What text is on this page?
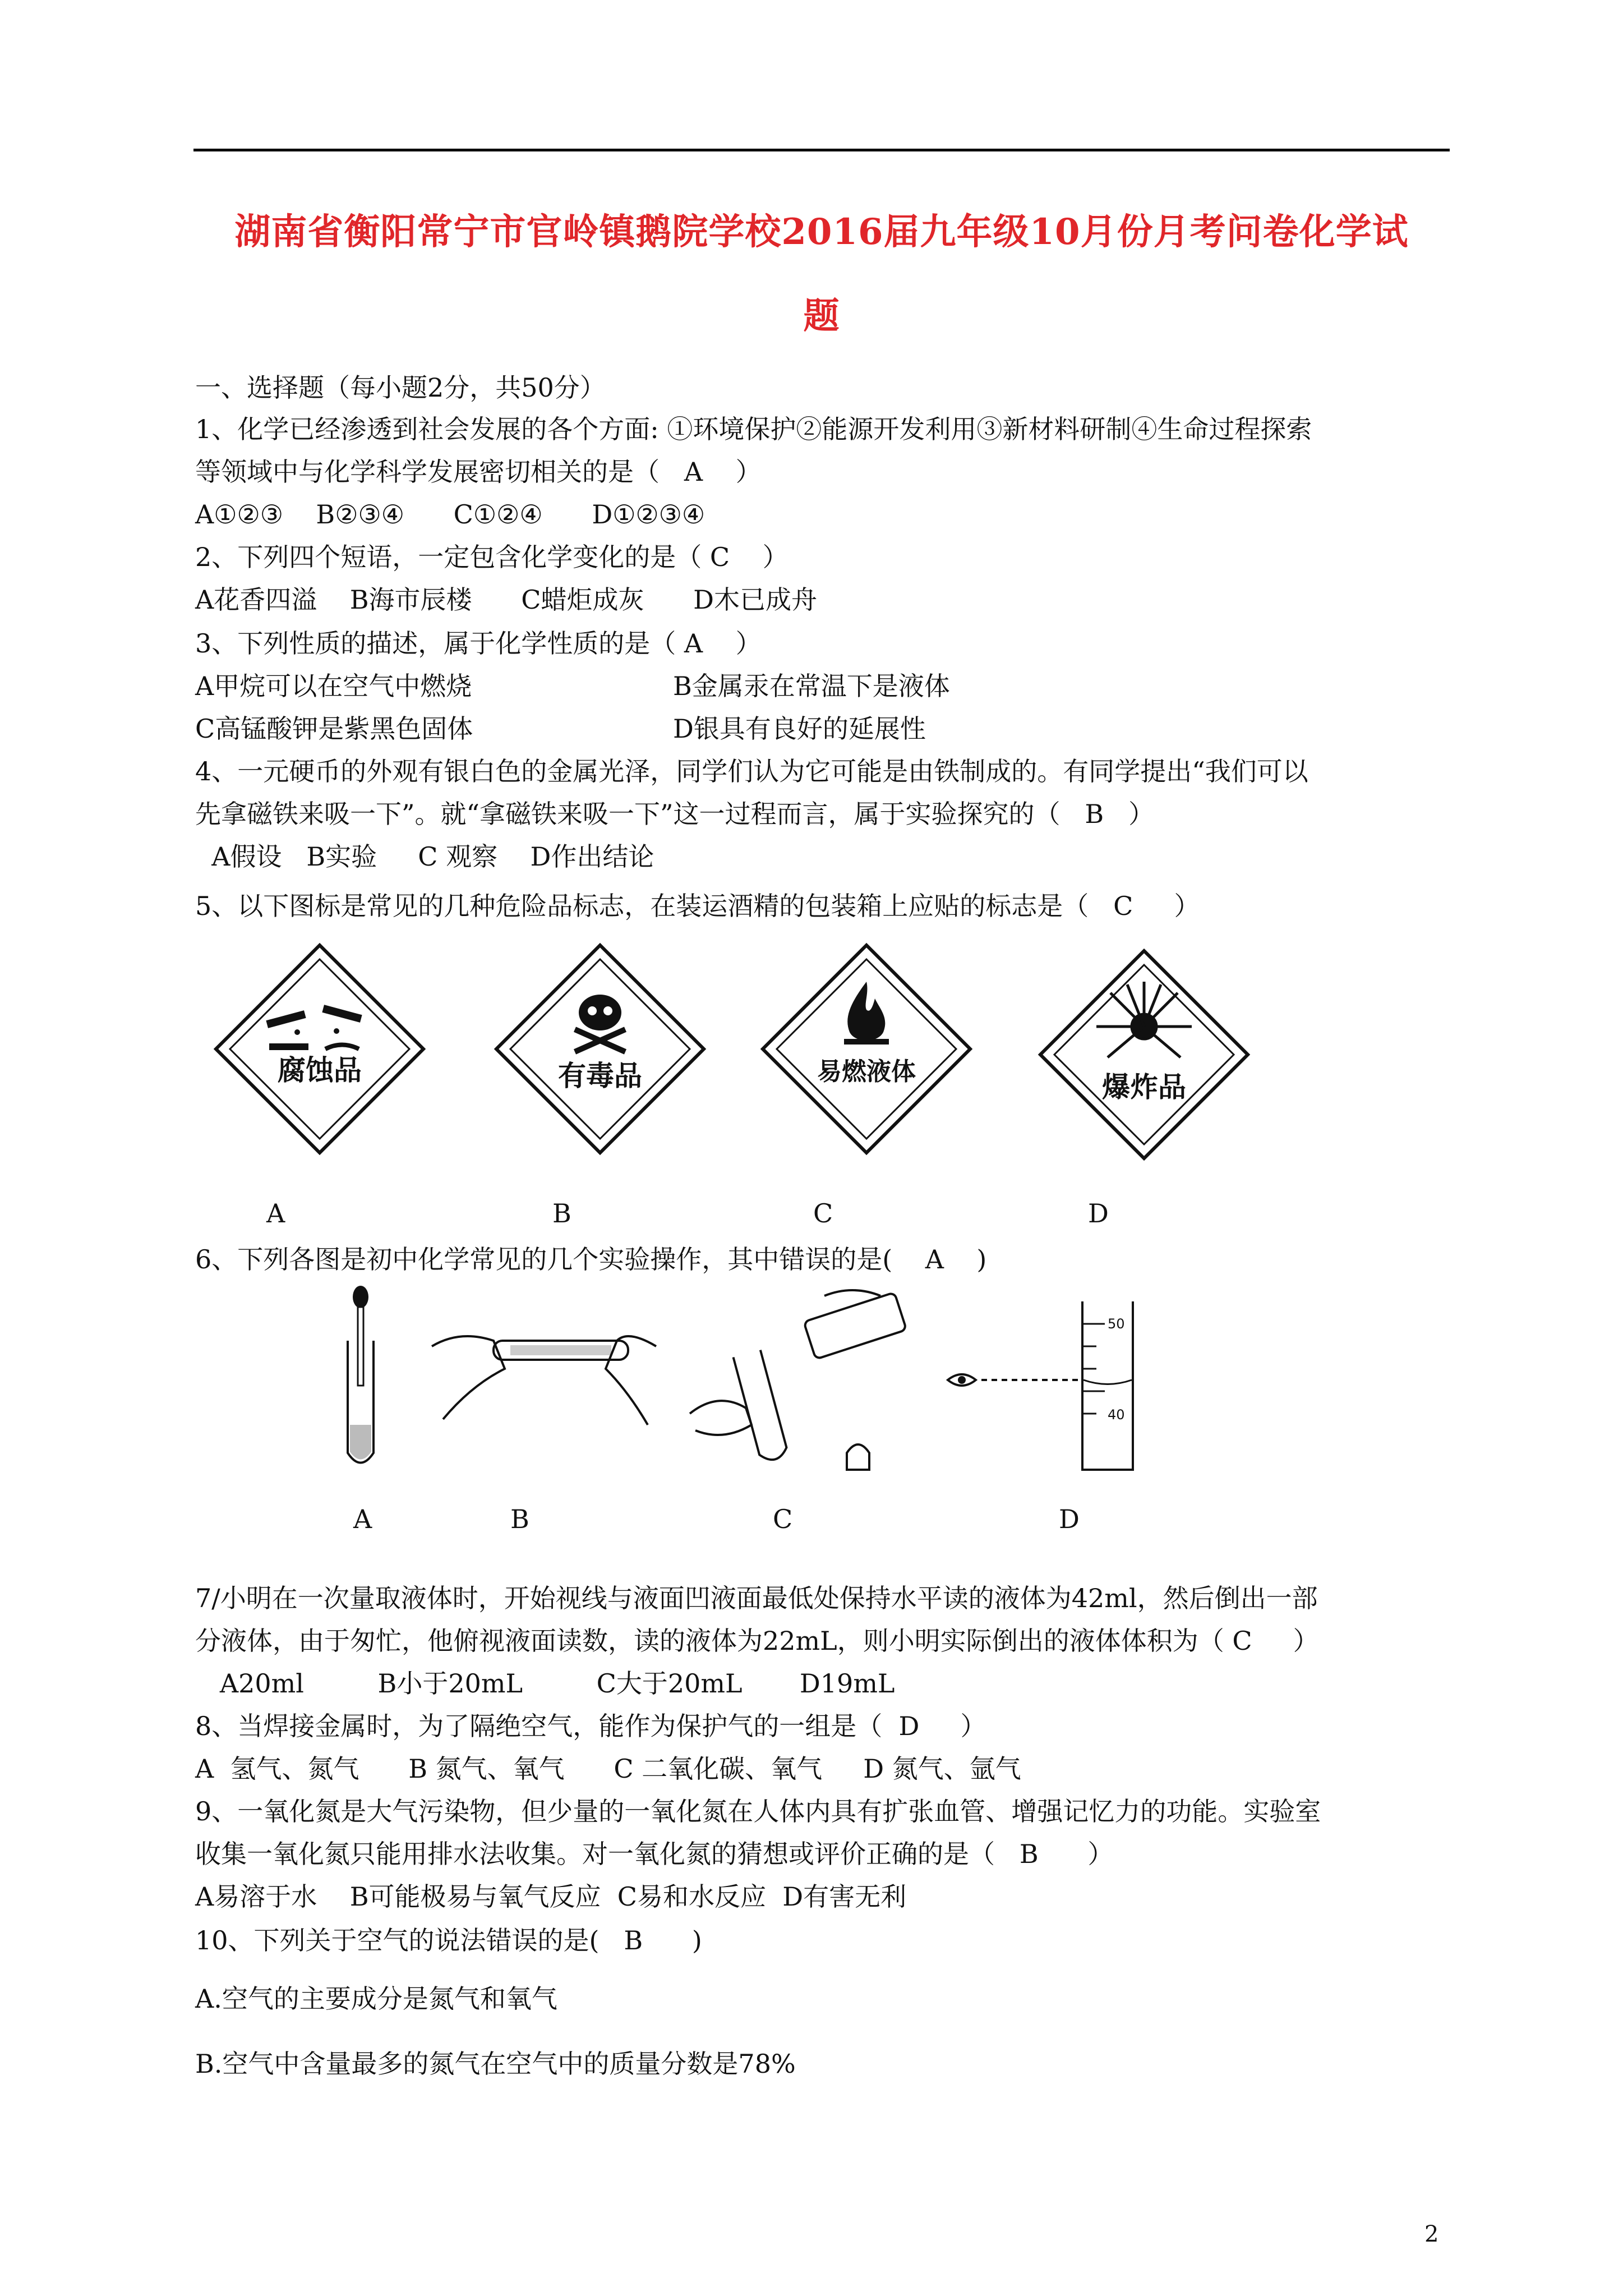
湖南省衡阳常宁市官岭镇鹅院学校2016届九年级10月份月考问卷化学试
题
一、选择题（每小题2分，共50分）
1、化学已经渗透到社会发展的各个方面: ①环境保护②能源开发利用③新材料研制④生命过程探索
等领域中与化学科学发展密切相关的是（   A    ）
A①②③    B②③④      C①②④      D①②③④
2、下列四个短语，一定包含化学变化的是（ C    ）
A花香四溢    B海市辰楼      C蜡炬成灰      D木已成舟
3、下列性质的描述，属于化学性质的是（ A    ）
A甲烷可以在空气中燃烧	B金属汞在常温下是液体
C高锰酸钾是紫黑色固体	D银具有良好的延展性
4、一元硬币的外观有银白色的金属光泽，同学们认为它可能是由铁制成的。有同学提出“我们可以
先拿磁铁来吸一下”。就“拿磁铁来吸一下”这一过程而言，属于实验探究的（   B   ）
A假设   B实验     C 观察    D作出结论
5、以下图标是常见的几种危险品标志，在装运酒精的包装箱上应贴的标志是（   C     ）
腐蚀品	有毒品	易燃液体	爆炸品
A	B	C	D
6、下列各图是初中化学常见的几个实验操作，其中错误的是(    A    )
50
40
A	B	C	D
7/小明在一次量取液体时，开始视线与液面凹液面最低处保持水平读的液体为42ml，然后倒出一部
分液体，由于匆忙，他俯视液面读数，读的液体为22mL，则小明实际倒出的液体体积为（ C     ）
A20ml         B小于20mL         C大于20mL       D19mL
8、当焊接金属时，为了隔绝空气，能作为保护气的一组是（  D     ）
A  氢气、氮气      B 氮气、氧气      C 二氧化碳、氧气     D 氮气、氩气
9、一氧化氮是大气污染物，但少量的一氧化氮在人体内具有扩张血管、增强记忆力的功能。实验室
收集一氧化氮只能用排水法收集。对一氧化氮的猜想或评价正确的是（   B      ）
A易溶于水    B可能极易与氧气反应  C易和水反应  D有害无利
10、下列关于空气的说法错误的是(   B      )
A.空气的主要成分是氮气和氧气
B.空气中含量最多的氮气在空气中的质量分数是78%
2
